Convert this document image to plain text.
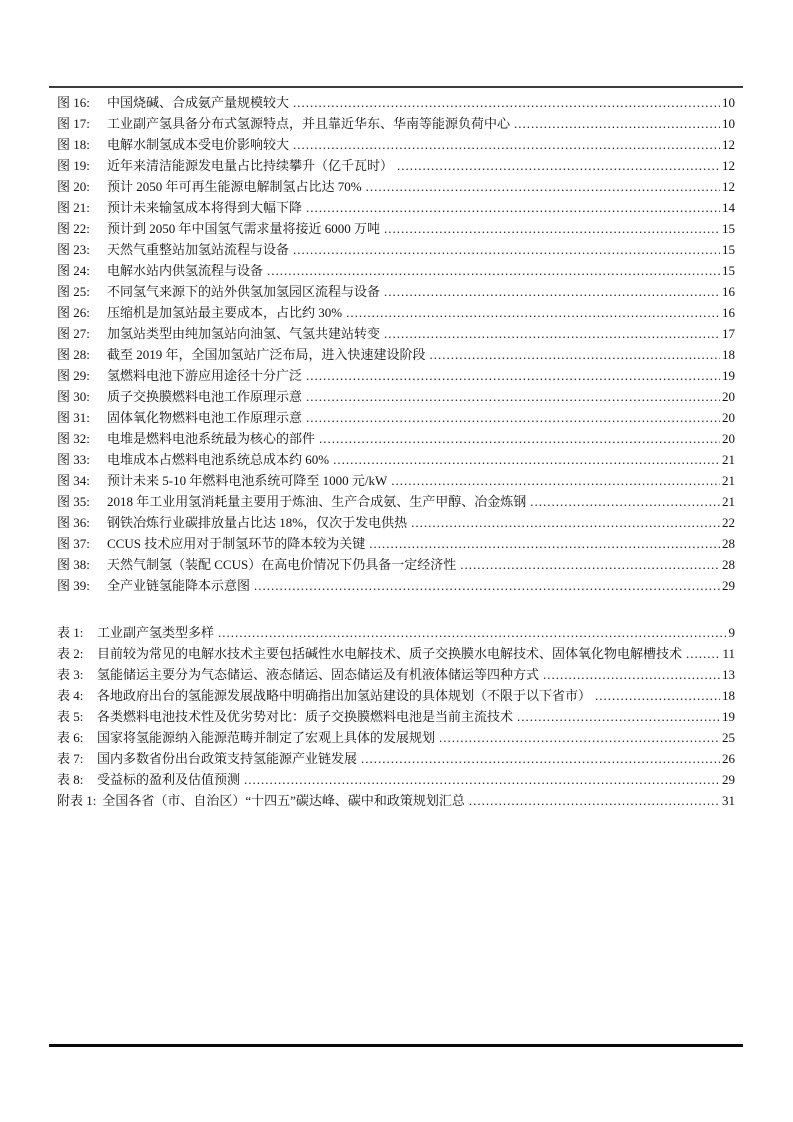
图 16:	中国烧碱、合成氨产量规模较大 .....	10
图 17:	工业副产氢具备分布式氢源特点，并且靠近华东、华南等能源负荷中心 .....	10
图 18:	电解水制氢成本受电价影响较大 .....	12
图 19:	近年来清洁能源发电量占比持续攀升（亿千瓦时） .....	12
图 20:	预计 2050 年可再生能源电解制氢占比达 70% .....	12
图 21:	预计未来输氢成本将得到大幅下降 .....	14
图 22:	预计到 2050 年中国氢气需求量将接近 6000 万吨 .....	15
图 23:	天然气重整站加氢站流程与设备 .....	15
图 24:	电解水站内供氢流程与设备 .....	15
图 25:	不同氢气来源下的站外供氢加氢园区流程与设备 .....	16
图 26:	压缩机是加氢站最主要成本，占比约 30% .....	16
图 27:	加氢站类型由纯加氢站向油氢、气氢共建站转变 .....	17
图 28:	截至 2019 年，全国加氢站广泛布局，进入快速建设阶段 .....	18
图 29:	氢燃料电池下游应用途径十分广泛 .....	19
图 30:	质子交换膜燃料电池工作原理示意 .....	20
图 31:	固体氧化物燃料电池工作原理示意 .....	20
图 32:	电堆是燃料电池系统最为核心的部件 .....	20
图 33:	电堆成本占燃料电池系统总成本约 60% .....	21
图 34:	预计未来 5-10 年燃料电池系统可降至 1000 元/kW .....	21
图 35:	2018 年工业用氢消耗量主要用于炼油、生产合成氨、生产甲醇、冶金炼钢 .....	21
图 36:	钢铁冶炼行业碳排放量占比达 18%，仅次于发电供热 .....	22
图 37:	CCUS 技术应用对于制氢环节的降本较为关键 .....	28
图 38:	天然气制氢（装配 CCUS）在高电价情况下仍具备一定经济性 .....	28
图 39:	全产业链氢能降本示意图 .....	29
表 1:	工业副产氢类型多样 .....	9
表 2:	目前较为常见的电解水技术主要包括碱性水电解技术、质子交换膜水电解技术、固体氧化物电解槽技术 .....	11
表 3:	氢能储运主要分为气态储运、液态储运、固态储运及有机液体储运等四种方式 .....	13
表 4:	各地政府出台的氢能源发展战略中明确指出加氢站建设的具体规划（不限于以下省市） .....	18
表 5:	各类燃料电池技术性及优劣势对比：质子交换膜燃料电池是当前主流技术 .....	19
表 6:	国家将氢能源纳入能源范畴并制定了宏观上具体的发展规划 .....	25
表 7:	国内多数省份出台政策支持氢能源产业链发展 .....	26
表 8:	受益标的盈利及估值预测 .....	29
附表 1: 全国各省（市、自治区）“十四五”碳达峰、碳中和政策规划汇总 .....	31
